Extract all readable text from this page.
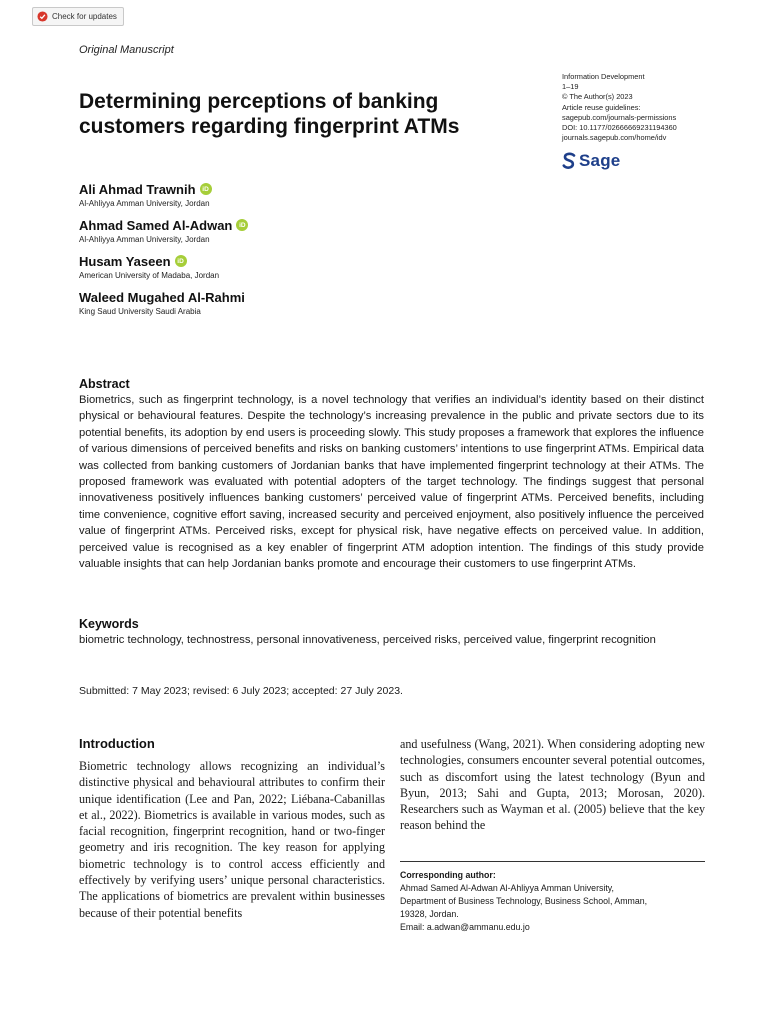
Check for updates
Original Manuscript
Determining perceptions of banking customers regarding fingerprint ATMs
Information Development
1–19
© The Author(s) 2023
Article reuse guidelines:
sagepub.com/journals-permissions
DOI: 10.1177/02666669231194360
journals.sagepub.com/home/idv
Sage
Ali Ahmad Trawnih	iD
Al-Ahliyya Amman University, Jordan
Ahmad Samed Al-Adwan	iD
Al-Ahliyya Amman University, Jordan
Husam Yaseen	iD
American University of Madaba, Jordan
Waleed Mugahed Al-Rahmi
King Saud University Saudi Arabia
Abstract

Biometrics, such as fingerprint technology, is a novel technology that verifies an individual’s identity based on their distinct physical or behavioural features. Despite the technology’s increasing prevalence in the public and private sectors due to its potential benefits, its adoption by end users is proceeding slowly. This study proposes a framework that explores the influence of various dimensions of perceived benefits and risks on banking customers’ intentions to use fingerprint ATMs. Empirical data was collected from banking customers of Jordanian banks that have implemented fingerprint technology at their ATMs. The proposed framework was evaluated with potential adopters of the target technology. The findings suggest that personal innovativeness positively influences banking customers’ perceived value of fingerprint ATMs. Perceived benefits, including time convenience, cognitive effort saving, increased security and perceived enjoyment, also positively influence the perceived value of fingerprint ATMs. Perceived risks, except for physical risk, have negative effects on perceived value. In addition, perceived value is recognised as a key enabler of fingerprint ATM adoption intention. The findings of this study provide valuable insights that can help Jordanian banks promote and encourage their customers to use fingerprint ATMs.

Keywords

biometric technology, technostress, personal innovativeness, perceived risks, perceived value, fingerprint recognition

Submitted: 7 May 2023; revised: 6 July 2023; accepted: 27 July 2023.
Introduction

Biometric technology allows recognizing an individual’s distinctive physical and behavioural attributes to confirm their unique identification (Lee and Pan, 2022; Liébana-Cabanillas et al., 2022). Biometrics is available in various modes, such as facial recognition, fingerprint recognition, hand or two-finger geometry and iris recognition. The key reason for applying biometric technology is to control access efficiently and effectively by verifying users’ unique personal characteristics. The applications of biometrics are prevalent within businesses because of their potential benefits

and usefulness (Wang, 2021). When considering adopting new technologies, consumers encounter several potential outcomes, such as discomfort using the latest technology (Byun and Byun, 2013; Sahi and Gupta, 2013; Morosan, 2020). Researchers such as Wayman et al. (2005) believe that the key reason behind the

Corresponding author:
Ahmad Samed Al-Adwan Al-Ahliyya Amman University,
Department of Business Technology, Business School, Amman,
19328, Jordan.
Email: a.adwan@ammanu.edu.jo
